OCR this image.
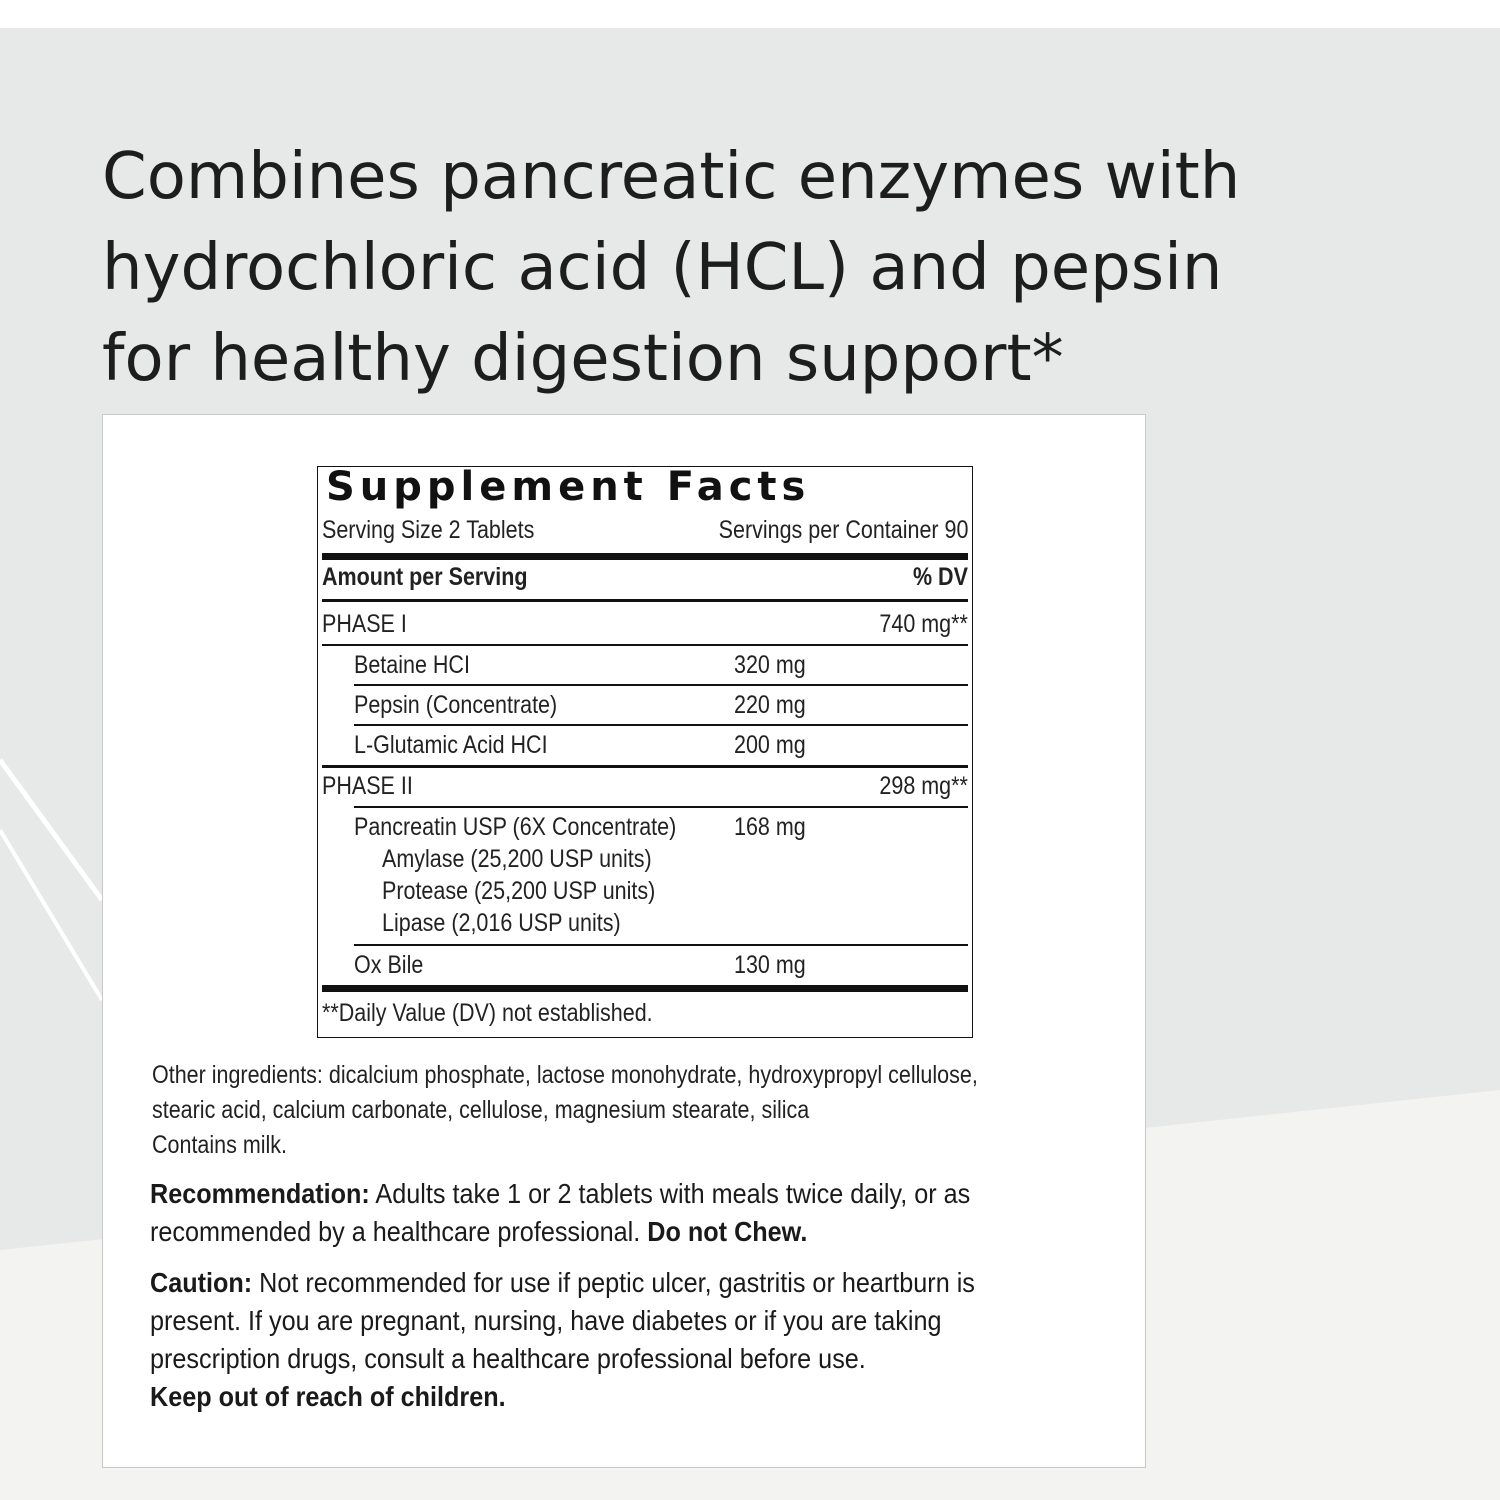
Combines pancreatic enzymes with
hydrochloric acid (HCL) and pepsin
for healthy digestion support*
Supplement Facts
Serving Size 2 Tablets	Servings per Container 90
Amount per Serving	% DV
PHASE I	740 mg**
Betaine HCI	320 mg
Pepsin (Concentrate)	220 mg
L-Glutamic Acid HCI	200 mg
PHASE II	298 mg**
Pancreatin USP (6X Concentrate) 168 mg
Amylase (25,200 USP units)
Protease (25,200 USP units)
Lipase (2,016 USP units)
Ox Bile	130 mg
**Daily Value (DV) not established.
Other ingredients: dicalcium phosphate, lactose monohydrate, hydroxypropyl cellulose,
stearic acid, calcium carbonate, cellulose, magnesium stearate, silica
Contains milk.
Recommendation: Adults take 1 or 2 tablets with meals twice daily, or as
recommended by a healthcare professional. Do not Chew.
Caution: Not recommended for use if peptic ulcer, gastritis or heartburn is
present. If you are pregnant, nursing, have diabetes or if you are taking
prescription drugs, consult a healthcare professional before use.
Keep out of reach of children.
